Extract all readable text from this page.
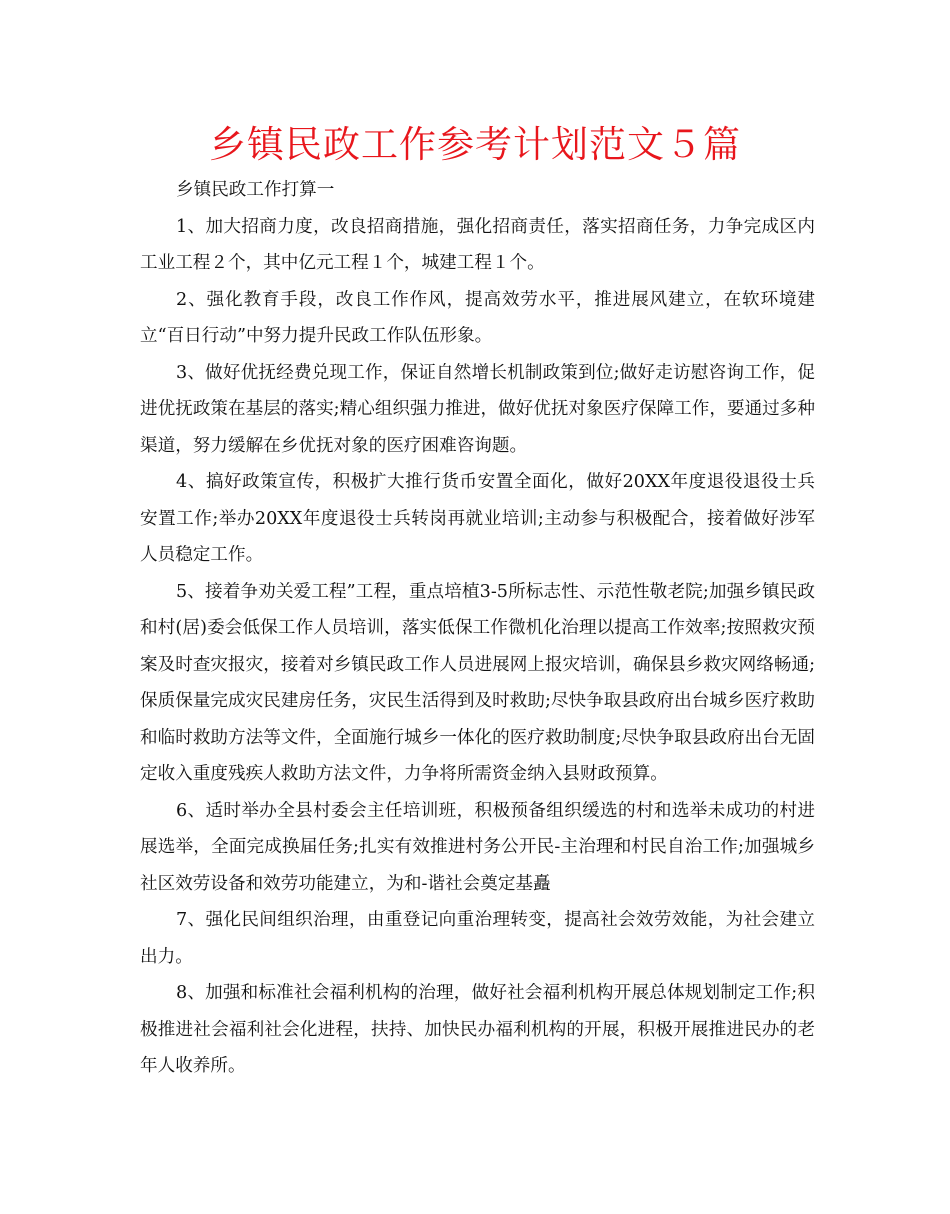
乡镇民政工作参考计划范文５篇

乡镇民政工作打算一

1、加大招商力度，改良招商措施，强化招商责任，落实招商任务，力争完成区内工业工程２个，其中亿元工程１个，城建工程１个。

2、强化教育手段，改良工作作风，提高效劳水平，推进展风建立，在软环境建立“百日行动”中努力提升民政工作队伍形象。

3、做好优抚经费兑现工作，保证自然增长机制政策到位;做好走访慰咨询工作，促进优抚政策在基层的落实;精心组织强力推进，做好优抚对象医疗保障工作，要通过多种渠道，努力缓解在乡优抚对象的医疗困难咨询题。

4、搞好政策宣传，积极扩大推行货币安置全面化，做好20XX年度退役退役士兵安置工作;举办20XX年度退役士兵转岗再就业培训;主动参与积极配合，接着做好涉军人员稳定工作。

5、接着争劝关爱工程”工程，重点培植3-5所标志性、示范性敬老院;加强乡镇民政和村(居)委会低保工作人员培训，落实低保工作微机化治理以提高工作效率;按照救灾预案及时查灾报灾，接着对乡镇民政工作人员进展网上报灾培训，确保县乡救灾网络畅通;保质保量完成灾民建房任务，灾民生活得到及时救助;尽快争取县政府出台城乡医疗救助和临时救助方法等文件，全面施行城乡一体化的医疗救助制度;尽快争取县政府出台无固定收入重度残疾人救助方法文件，力争将所需资金纳入县财政预算。

6、适时举办全县村委会主任培训班，积极预备组织缓选的村和选举未成功的村进展选举，全面完成换届任务;扎实有效推进村务公开民-主治理和村民自治工作;加强城乡社区效劳设备和效劳功能建立，为和-谐社会奠定基矗

7、强化民间组织治理，由重登记向重治理转变，提高社会效劳效能，为社会建立出力。

8、加强和标准社会福利机构的治理，做好社会福利机构开展总体规划制定工作;积极推进社会福利社会化进程，扶持、加快民办福利机构的开展，积极开展推进民办的老年人收养所。
